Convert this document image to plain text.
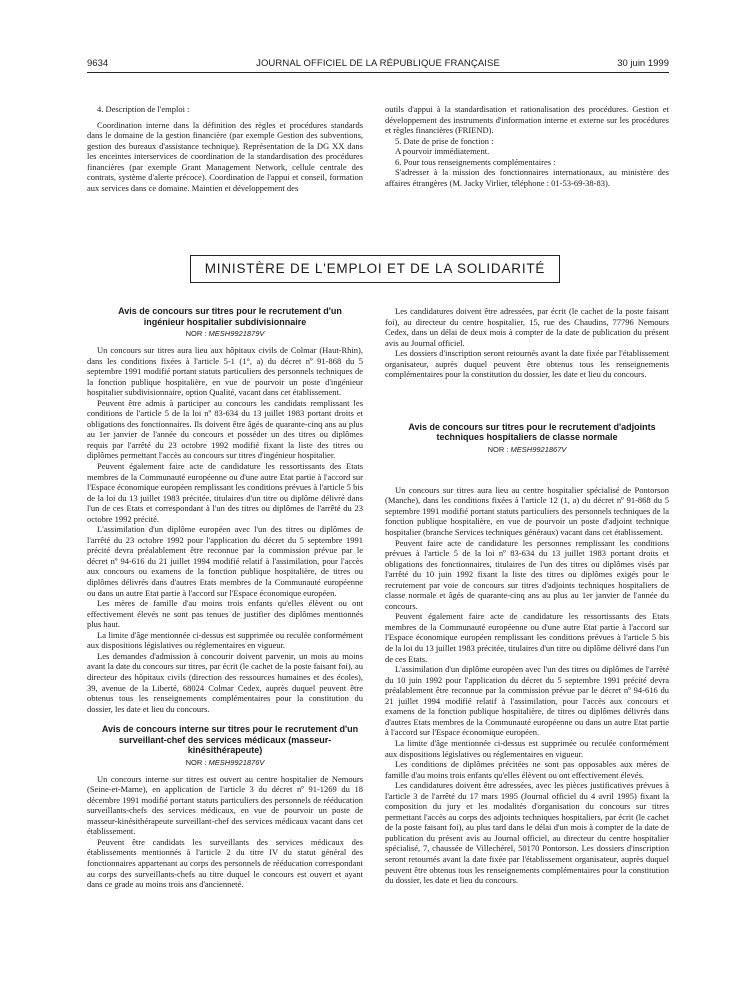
9634	JOURNAL OFFICIEL DE LA RÉPUBLIQUE FRANÇAISE	30 juin 1999

4. Description de l'emploi :

Coordination interne dans la définition des règles et procédures standards dans le domaine de la gestion financière (par exemple Gestion des subventions, gestion des bureaux d'assistance technique). Représentation de la DG XX dans les enceintes interservices de coordination de la standardisation des procédures financières (par exemple Grant Management Network, cellule centrale des contrats, système d'alerte précoce). Coordination de l'appui et conseil, formation aux services dans ce domaine. Maintien et développement des

outils d'appui à la standardisation et rationalisation des procédures. Gestion et développement des instruments d'information interne et externe sur les procédures et règles financières (FRIEND).

5. Date de prise de fonction :

A pourvoir immédiatement.

6. Pour tous renseignements complémentaires :

S'adresser à la mission des fonctionnaires internationaux, au ministère des affaires étrangères (M. Jacky Virlier, téléphone : 01-53-69-38-83).

MINISTÈRE DE L'EMPLOI ET DE LA SOLIDARITÉ

Avis de concours sur titres pour le recrutement d'un ingénieur hospitalier subdivisionnaire

NOR : MESH9921879V

Un concours sur titres aura lieu aux hôpitaux civils de Colmar (Haut-Rhin), dans les conditions fixées à l'article 5-1 (1°, a) du décret nº 91-868 du 5 septembre 1991 modifié portant statuts particuliers des personnels techniques de la fonction publique hospitalière, en vue de pourvoir un poste d'ingénieur hospitalier subdivisionnaire, option Qualité, vacant dans cet établissement.

Peuvent être admis à participer au concours les candidats remplissant les conditions de l'article 5 de la loi nº 83-634 du 13 juillet 1983 portant droits et obligations des fonctionnaires. Ils doivent être âgés de quarante-cinq ans au plus au 1er janvier de l'année du concours et posséder un des titres ou diplômes requis par l'arrêté du 23 octobre 1992 modifié fixant la liste des titres ou diplômes permettant l'accès au concours sur titres d'ingénieur hospitalier.

Peuvent également faire acte de candidature les ressortissants des Etats membres de la Communauté européenne ou d'une autre Etat partie à l'accord sur l'Espace économique européen remplissant les conditions prévues à l'article 5 bis de la loi du 13 juillet 1983 précitée, titulaires d'un titre ou diplôme délivré dans l'un de ces Etats et correspondant à l'un des titres ou diplômes de l'arrêté du 23 octobre 1992 précité.

L'assimilation d'un diplôme européen avec l'un des titres ou diplômes de l'arrêté du 23 octobre 1992 pour l'application du décret du 5 septembre 1991 précité devra préalablement être reconnue par la commission prévue par le décret nº 94-616 du 21 juillet 1994 modifié relatif à l'assimilation, pour l'accès aux concours ou examens de la fonction publique hospitalière, de titres ou diplômes délivrés dans d'autres Etats membres de la Communauté européenne ou dans un autre Etat partie à l'accord sur l'Espace économique européen.

Les mères de famille d'au moins trois enfants qu'elles élèvent ou ont effectivement élevés ne sont pas tenues de justifier des diplômes mentionnés plus haut.

La limite d'âge mentionnée ci-dessus est supprimée ou reculée conformément aux dispositions législatives ou réglementaires en vigueur.

Les demandes d'admission à concourir doivent parvenir, un mois au moins avant la date du concours sur titres, par écrit (le cachet de la poste faisant foi), au directeur des hôpitaux civils (direction des ressources humaines et des écoles), 39, avenue de la Liberté, 68024 Colmar Cedex, auprès duquel peuvent être obtenus tous les renseignements complémentaires pour la constitution du dossier, les date et lieu du concours.

Avis de concours interne sur titres pour le recrutement d'un surveillant-chef des services médicaux (masseur-kinésithérapeute)

NOR : MESH9921876V

Un concours interne sur titres est ouvert au centre hospitalier de Nemours (Seine-et-Marne), en application de l'article 3 du décret nº 91-1269 du 18 décembre 1991 modifié portant statuts particuliers des personnels de rééducation surveillants-chefs des services médicaux, en vue de pourvoir un poste de masseur-kinésithérapeute surveillant-chef des services médicaux vacant dans cet établissement.

Peuvent être candidats les surveillants des services médicaux des établissements mentionnés à l'article 2 du titre IV du statut général des fonctionnaires appartenant au corps des personnels de rééducation correspondant au corps des surveillants-chefs au titre duquel le concours est ouvert et ayant dans ce grade au moins trois ans d'ancienneté.

Les candidatures doivent être adressées, par écrit (le cachet de la poste faisant foi), au directeur du centre hospitalier, 15, rue des Chaudins, 77796 Nemours Cedex, dans un délai de deux mois à compter de la date de publication du présent avis au Journal officiel.

Les dossiers d'inscription seront retournés avant la date fixée par l'établissement organisateur, auprès duquel peuvent être obtenus tous les renseignements complémentaires pour la constitution du dossier, les date et lieu du concours.

Avis de concours sur titres pour le recrutement d'adjoints techniques hospitaliers de classe normale

NOR : MESH9921867V

Un concours sur titres aura lieu au centre hospitalier spécialisé de Pontorson (Manche), dans les conditions fixées à l'article 12 (1, a) du décret nº 91-868 du 5 septembre 1991 modifié portant statuts particuliers des personnels techniques de la fonction publique hospitalière, en vue de pourvoir un poste d'adjoint technique hospitalier (branche Services techniques généraux) vacant dans cet établissement.

Peuvent faire acte de candidature les personnes remplissant les conditions prévues à l'article 5 de la loi nº 83-634 du 13 juillet 1983 portant droits et obligations des fonctionnaires, titulaires de l'un des titres ou diplômes visés par l'arrêté du 10 juin 1992 fixant la liste des titres ou diplômes exigés pour le recrutement par voie de concours sur titres d'adjoints techniques hospitaliers de classe normale et âgés de quarante-cinq ans au plus au 1er janvier de l'année du concours.

Peuvent également faire acte de candidature les ressortissants des Etats membres de la Communauté européenne ou d'une autre Etat partie à l'accord sur l'Espace économique européen remplissant les conditions prévues à l'article 5 bis de la loi du 13 juillet 1983 précitée, titulaires d'un titre ou diplôme délivré dans l'un de ces Etats.

L'assimilation d'un diplôme européen avec l'un des titres ou diplômes de l'arrêté du 10 juin 1992 pour l'application du décret du 5 septembre 1991 précité devra préalablement être reconnue par la commission prévue par le décret nº 94-616 du 21 juillet 1994 modifié relatif à l'assimilation, pour l'accès aux concours et examens de la fonction publique hospitalière, de titres ou diplômes délivrés dans d'autres Etats membres de la Communauté européenne ou dans un autre Etat partie à l'accord sur l'Espace économique européen.

La limite d'âge mentionnée ci-dessus est supprimée ou reculée conformément aux dispositions législatives ou réglementaires en vigueur.

Les conditions de diplômes précitées ne sont pas opposables aux mères de famille d'au moins trois enfants qu'elles élèvent ou ont effectivement élevés.

Les candidatures doivent être adressées, avec les pièces justificatives prévues à l'article 3 de l'arrêté du 17 mars 1995 (Journal officiel du 4 avril 1995) fixant la composition du jury et les modalités d'organisation du concours sur titres permettant l'accès au corps des adjoints techniques hospitaliers, par écrit (le cachet de la poste faisant foi), au plus tard dans le délai d'un mois à compter de la date de publication du présent avis au Journal officiel, au directeur du centre hospitalier spécialisé, 7, chaussée de Villechérel, 50170 Pontorson. Les dossiers d'inscription seront retournés avant la date fixée par l'établissement organisateur, auprès duquel peuvent être obtenus tous les renseignements complémentaires pour la constitution du dossier, les date et lieu du concours.
